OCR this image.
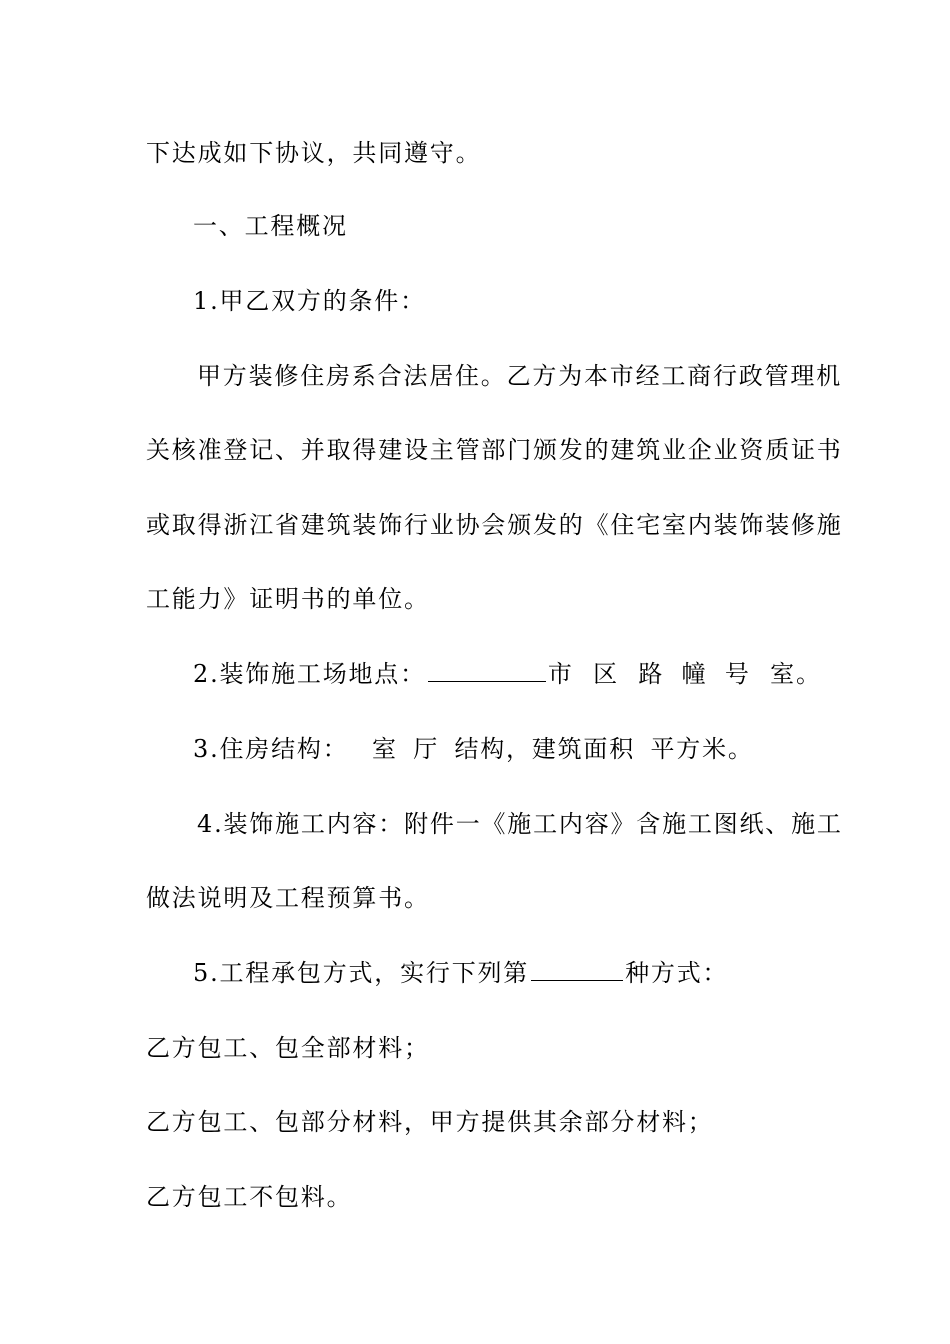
下达成如下协议，共同遵守。
一、工程概况
1.甲乙双方的条件：
甲方装修住房系合法居住。乙方为本市经工商行政管理机
关核准登记、并取得建设主管部门颁发的建筑业企业资质证书
或取得浙江省建筑装饰行业协会颁发的《住宅室内装饰装修施
工能力》证明书的单位。
2.装饰施工场地点：	市 区 路 幢 号 室。
3.住房结构： 室 厅 结构，建筑面积 平方米。
4.装饰施工内容：附件一《施工内容》含施工图纸、施工
做法说明及工程预算书。
5.工程承包方式，实行下列第	种方式：
乙方包工、包全部材料；
乙方包工、包部分材料，甲方提供其余部分材料；
乙方包工不包料。
